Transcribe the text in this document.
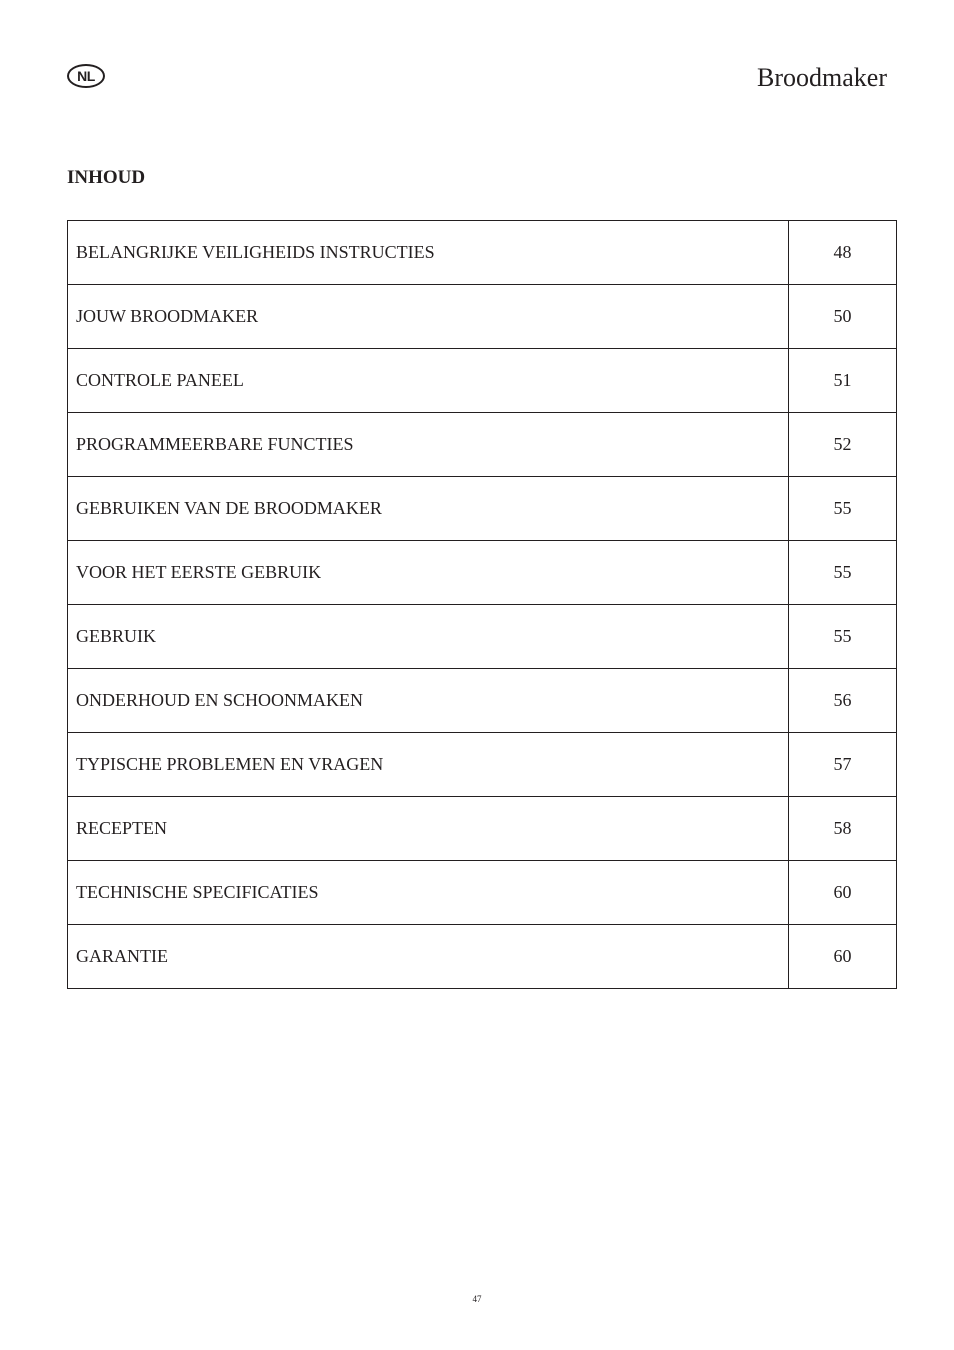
NL	Broodmaker
INHOUD
BELANGRIJKE VEILIGHEIDS INSTRUCTIES	48
JOUW BROODMAKER	50
CONTROLE PANEEL	51
PROGRAMMEERBARE FUNCTIES	52
GEBRUIKEN VAN DE BROODMAKER	55
VOOR HET EERSTE GEBRUIK	55
GEBRUIK	55
ONDERHOUD EN SCHOONMAKEN	56
TYPISCHE PROBLEMEN EN VRAGEN	57
RECEPTEN	58
TECHNISCHE SPECIFICATIES	60
GARANTIE	60
47
